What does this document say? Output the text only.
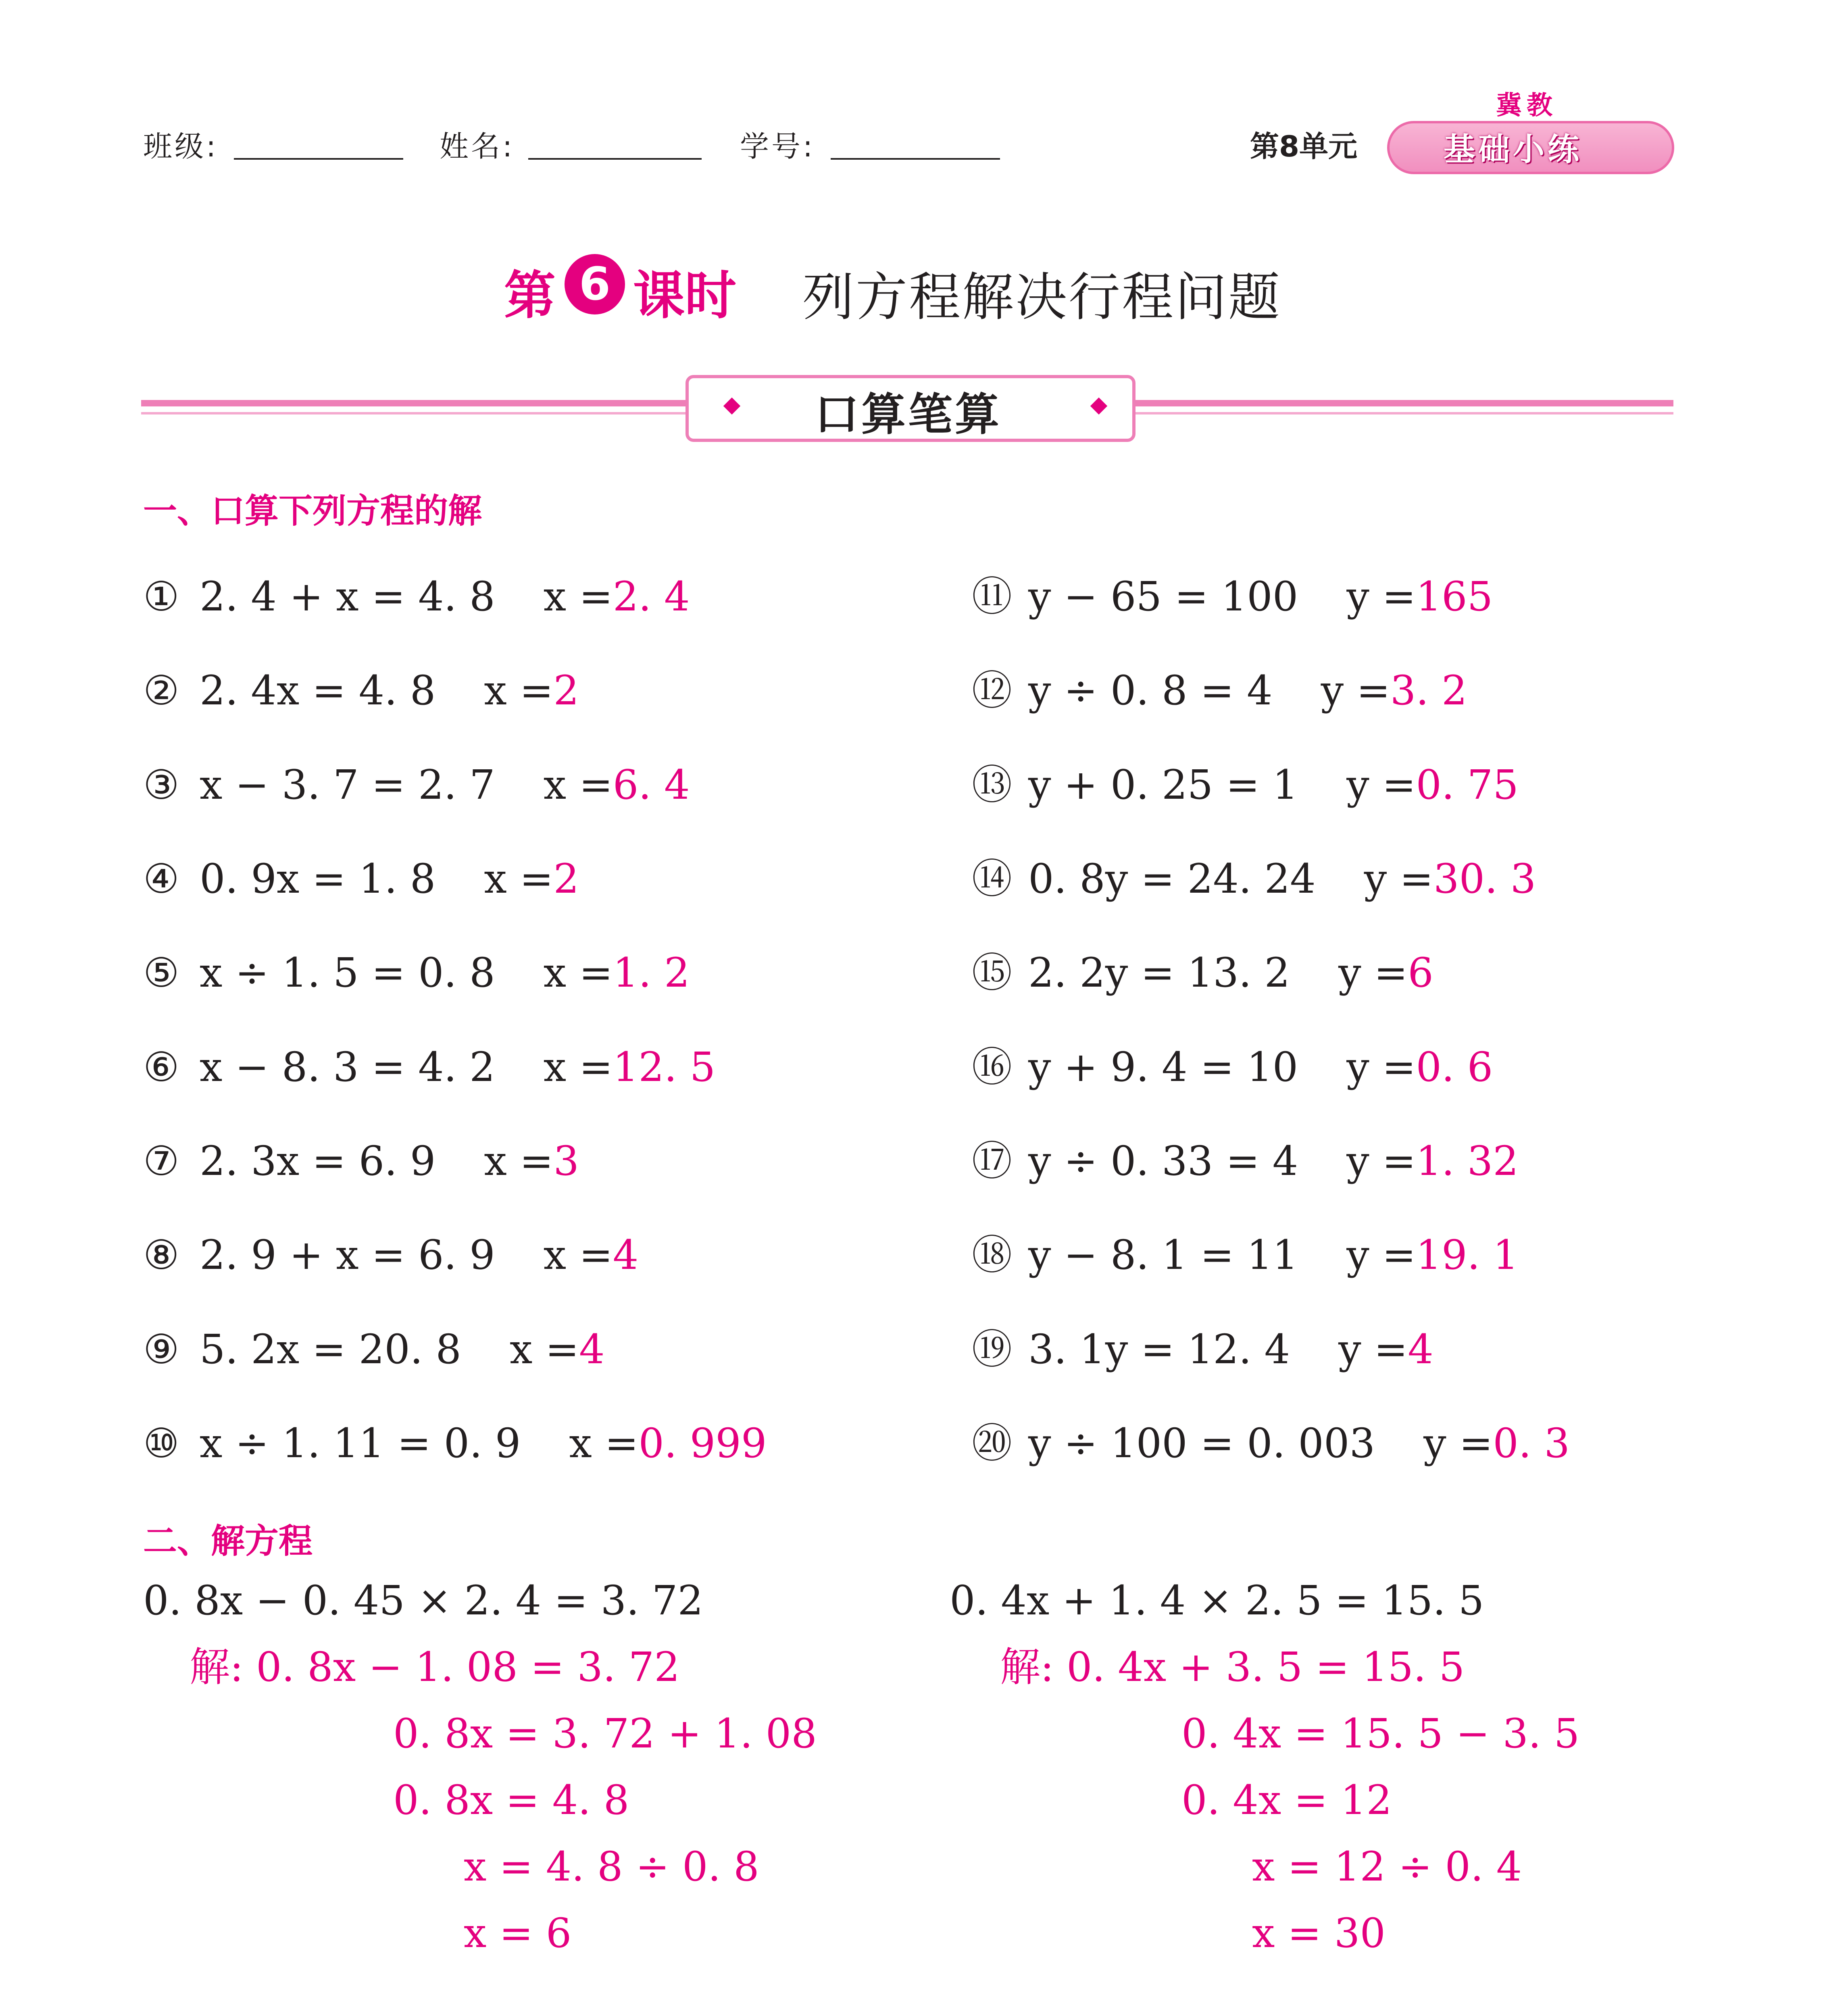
班级:	姓名:	学号:	第8单元
冀教
基础小练
第 6 课时 列方程解决行程问题
口算笔算
一、口算下列方程的解
① 2. 4 + x = 4. 8 x =2. 4
② 2. 4x = 4. 8 x =2
③ x − 3. 7 = 2. 7 x =6. 4
④ 0. 9x = 1. 8 x =2
⑤ x ÷ 1. 5 = 0. 8 x =1. 2
⑥ x − 8. 3 = 4. 2 x =12. 5
⑦ 2. 3x = 6. 9 x =3
⑧ 2. 9 + x = 6. 9 x =4
⑨ 5. 2x = 20. 8 x =4
⑩ x ÷ 1. 11 = 0. 9 x =0. 999
⑪ y − 65 = 100 y =165
⑫ y ÷ 0. 8 = 4 y =3. 2
⑬ y + 0. 25 = 1 y =0. 75
⑭ 0. 8y = 24. 24 y =30. 3
⑮ 2. 2y = 13. 2 y =6
⑯ y + 9. 4 = 10 y =0. 6
⑰ y ÷ 0. 33 = 4 y =1. 32
⑱ y − 8. 1 = 11 y =19. 1
⑲ 3. 1y = 12. 4 y =4
⑳ y ÷ 100 = 0. 003 y =0. 3
二、解方程
0. 8x − 0. 45 × 2. 4 = 3. 72
解: 0. 8x − 1. 08 = 3. 72
0. 8x = 3. 72 + 1. 08
0. 8x = 4. 8
x = 4. 8 ÷ 0. 8
x = 6
0. 4x + 1. 4 × 2. 5 = 15. 5
解: 0. 4x + 3. 5 = 15. 5
0. 4x = 15. 5 − 3. 5
0. 4x = 12
x = 12 ÷ 0. 4
x = 30
